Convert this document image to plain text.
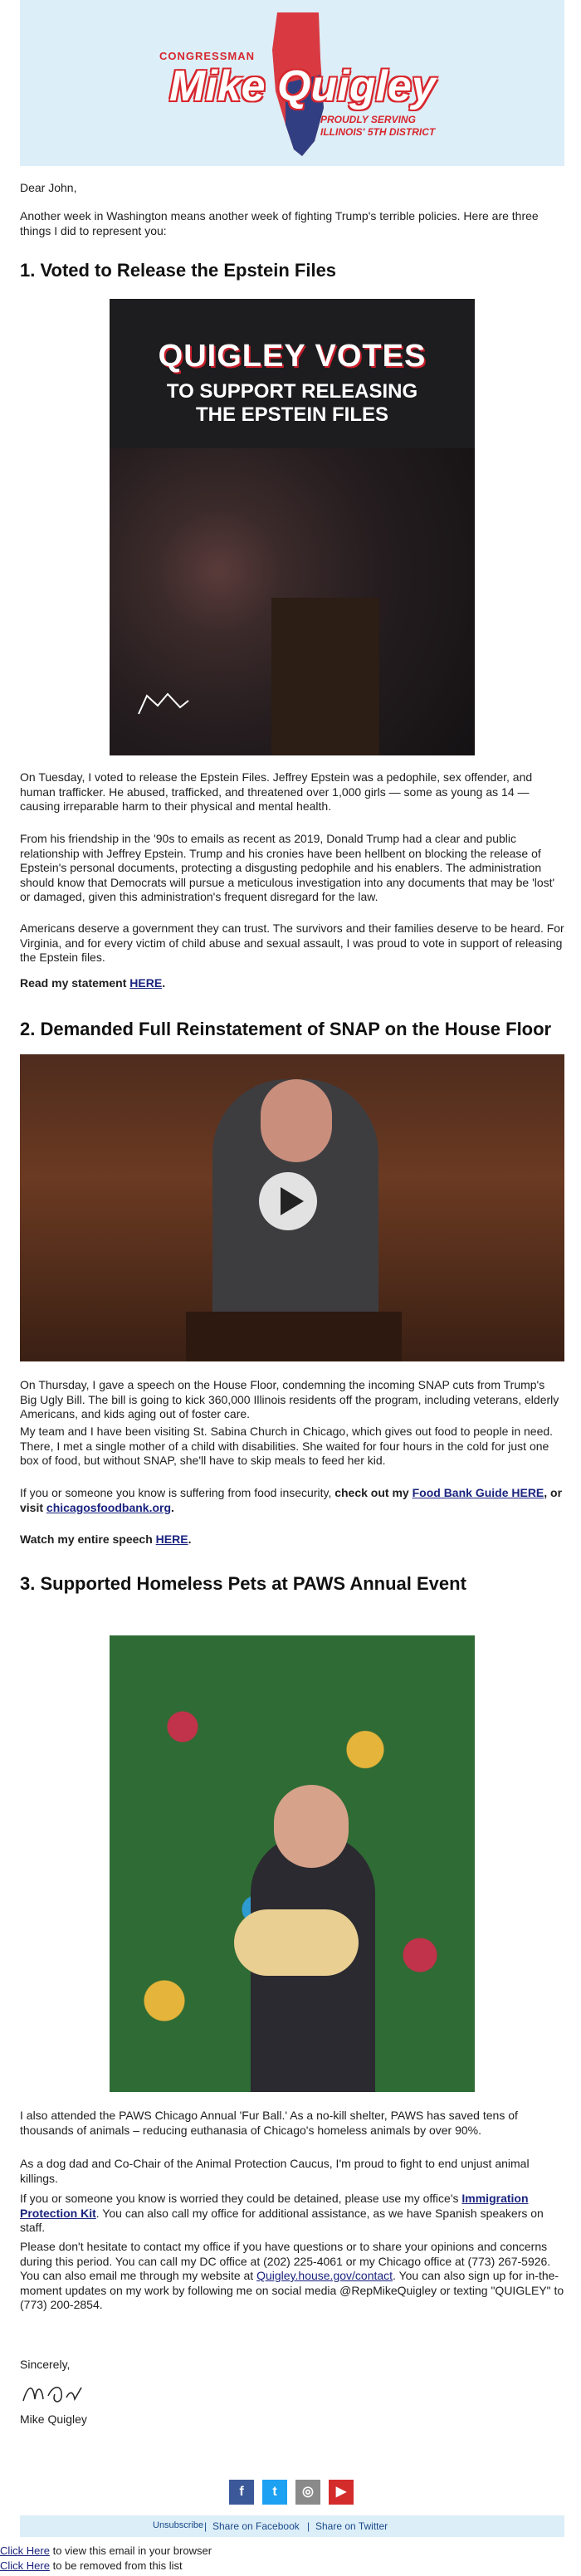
CONGRESSMAN
Mike Quigley
PROUDLY SERVING
ILLINOIS' 5TH DISTRICT

Dear John,

Another week in Washington means another week of fighting Trump's terrible policies. Here are three things I did to represent you:

1. Voted to Release the Epstein Files
QUIGLEY VOTES
TO SUPPORT RELEASING
THE EPSTEIN FILES

On Tuesday, I voted to release the Epstein Files. Jeffrey Epstein was a pedophile, sex offender, and human trafficker. He abused, trafficked, and threatened over 1,000 girls — some as young as 14 — causing irreparable harm to their physical and mental health.

From his friendship in the '90s to emails as recent as 2019, Donald Trump had a clear and public relationship with Jeffrey Epstein. Trump and his cronies have been hellbent on blocking the release of Epstein's personal documents, protecting a disgusting pedophile and his enablers. The administration should know that Democrats will pursue a meticulous investigation into any documents that may be 'lost' or damaged, given this administration's frequent disregard for the law.

Americans deserve a government they can trust. The survivors and their families deserve to be heard. For Virginia, and for every victim of child abuse and sexual assault, I was proud to vote in support of releasing the Epstein files.

Read my statement HERE.

2. Demanded Full Reinstatement of SNAP on the House Floor

On Thursday, I gave a speech on the House Floor, condemning the incoming SNAP cuts from Trump's Big Ugly Bill. The bill is going to kick 360,000 Illinois residents off the program, including veterans, elderly Americans, and kids aging out of foster care.

My team and I have been visiting St. Sabina Church in Chicago, which gives out food to people in need. There, I met a single mother of a child with disabilities. She waited for four hours in the cold for just one box of food, but without SNAP, she'll have to skip meals to feed her kid.

If you or someone you know is suffering from food insecurity, check out my Food Bank Guide HERE, or visit chicagosfoodbank.org.

Watch my entire speech HERE.

3. Supported Homeless Pets at PAWS Annual Event

I also attended the PAWS Chicago Annual 'Fur Ball.' As a no-kill shelter, PAWS has saved tens of thousands of animals – reducing euthanasia of Chicago's homeless animals by over 90%.

As a dog dad and Co-Chair of the Animal Protection Caucus, I'm proud to fight to end unjust animal killings.

If you or someone you know is worried they could be detained, please use my office's Immigration Protection Kit. You can also call my office for additional assistance, as we have Spanish speakers on staff.

Please don't hesitate to contact my office if you have questions or to share your opinions and concerns during this period. You can call my DC office at (202) 225-4061 or my Chicago office at (773) 267-5926. You can also email me through my website at Quigley.house.gov/contact. You can also sign up for in-the-moment updates on my work by following me on social media @RepMikeQuigley or texting "QUIGLEY" to (773) 200-2854.

Sincerely,

Mike Quigley

f	t	◎	▶
Unsubscribe | Share on Facebook | Share on Twitter
Click Here to view this email in your browser
Click Here to be removed from this list
